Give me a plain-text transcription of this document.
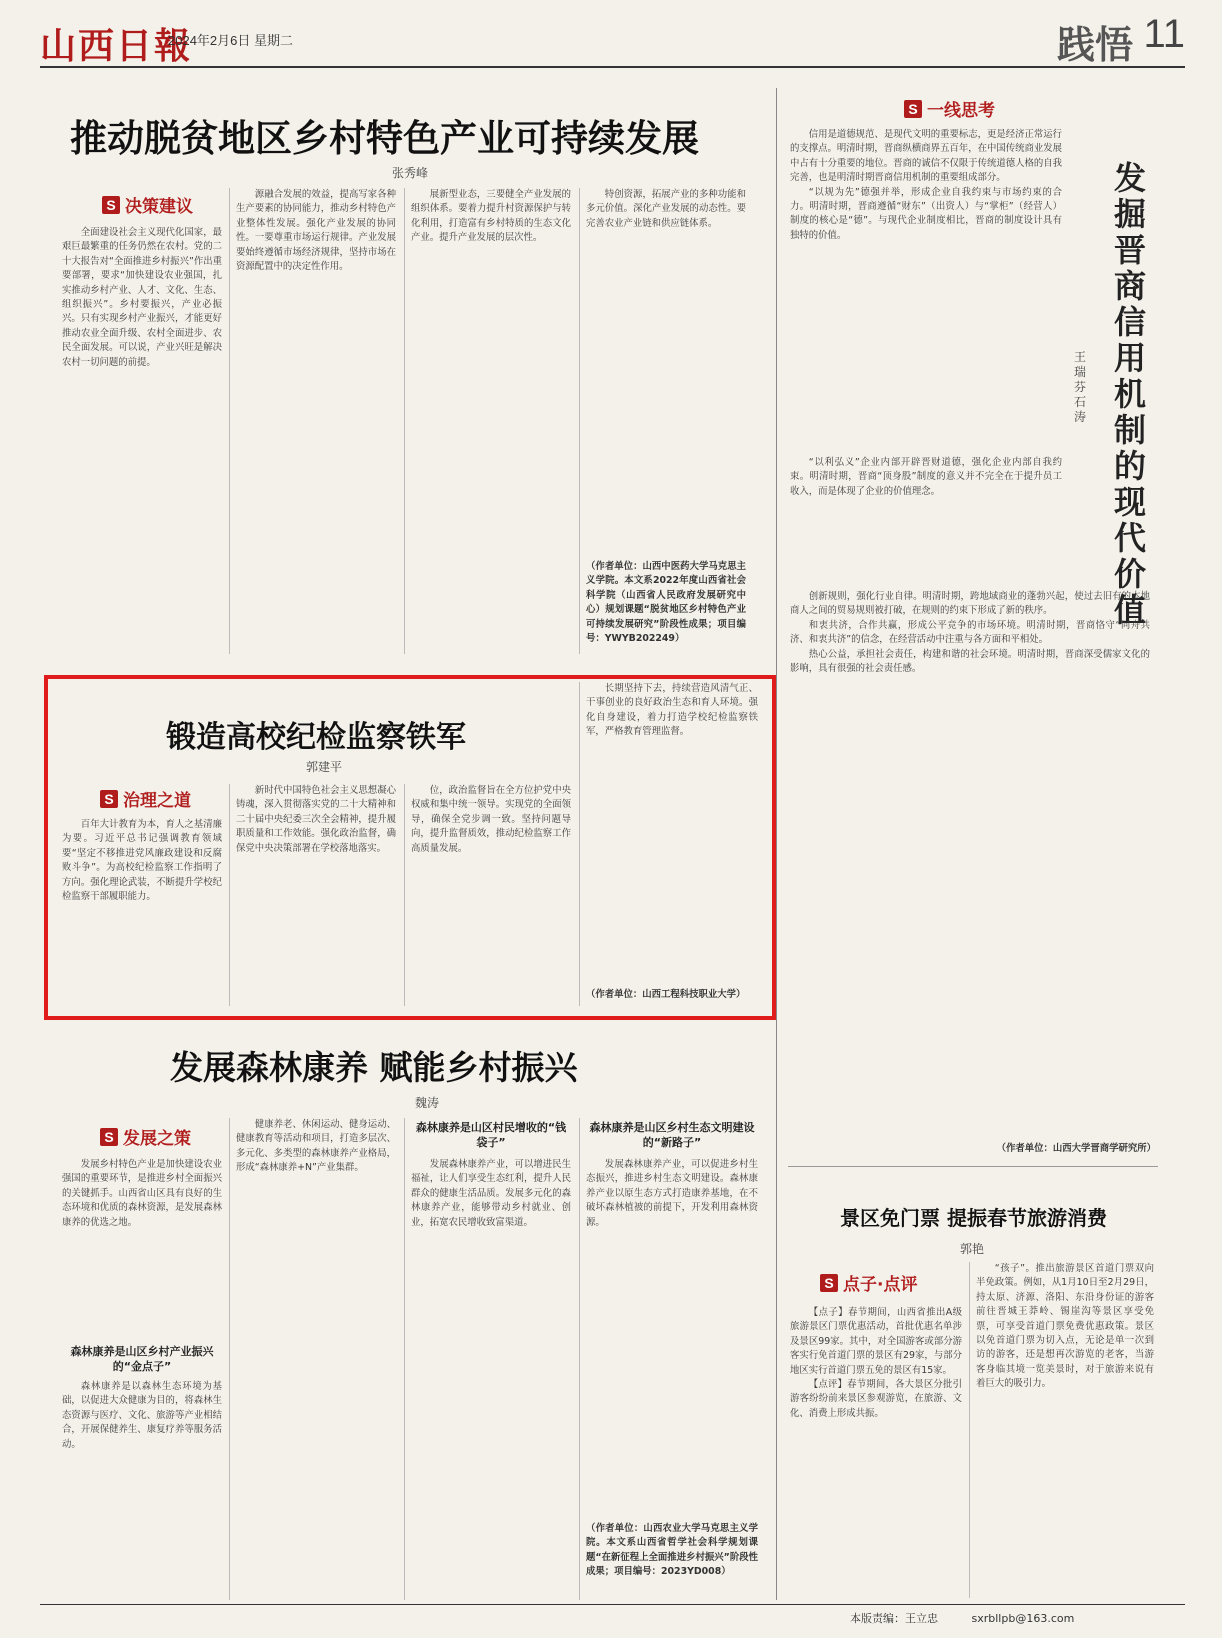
山西日報
2024年2月6日 星期二	践悟 11
推动脱贫地区乡村特色产业可持续发展
张秀峰
S 决策建议

全面建设社会主义现代化国家，最艰巨最繁重的任务仍然在农村。党的二十大报告对“全面推进乡村振兴”作出重要部署，要求“加快建设农业强国，扎实推动乡村产业、人才、文化、生态、组织振兴”。乡村要振兴，产业必振兴。只有实现乡村产业振兴，才能更好推动农业全面升级、农村全面进步、农民全面发展。可以说，产业兴旺是解决农村一切问题的前提。

源融合发展的效益，提高写家各种生产要素的协同能力，推动乡村特色产业整体性发展。强化产业发展的协同性。一要尊重市场运行规律。产业发展要始终遵循市场经济规律，坚持市场在资源配置中的决定性作用。

展新型业态，三要健全产业发展的组织体系。要着力提升村资源保护与转化利用，打造富有乡村特质的生态文化产业。提升产业发展的层次性。

特创资源，拓展产业的多种功能和多元价值。深化产业发展的动态性。要完善农业产业链和供应链体系。

（作者单位：山西中医药大学马克思主义学院。本文系2022年度山西省社会科学院（山西省人民政府发展研究中心）规划课题“脱贫地区乡村特色产业可持续发展研究”阶段性成果；项目编号：YWYB202249）

锻造高校纪检监察铁军
郭建平
S 治理之道

百年大计教育为本，育人之基清廉为要。习近平总书记强调教育领域要“坚定不移推进党风廉政建设和反腐败斗争”。为高校纪检监察工作指明了方向。强化理论武装，不断提升学校纪检监察干部履职能力。

新时代中国特色社会主义思想凝心铸魂，深入贯彻落实党的二十大精神和二十届中央纪委三次全会精神，提升履职质量和工作效能。强化政治监督，确保党中央决策部署在学校落地落实。

位，政治监督旨在全方位护党中央权威和集中统一领导。实现党的全面领导，确保全党步调一致。坚持问题导向，提升监督质效，推动纪检监察工作高质量发展。

长期坚持下去，持续营造风清气正、干事创业的良好政治生态和育人环境。强化自身建设，着力打造学校纪检监察铁军，严格教育管理监督。

（作者单位：山西工程科技职业大学）

发展森林康养 赋能乡村振兴
魏涛
S 发展之策

发展乡村特色产业是加快建设农业强国的重要环节，是推进乡村全面振兴的关键抓手。山西省山区具有良好的生态环境和优质的森林资源，是发展森林康养的优选之地。

森林康养是山区乡村产业振兴的“金点子”

森林康养是以森林生态环境为基础，以促进大众健康为目的，将森林生态资源与医疗、文化、旅游等产业相结合，开展保健养生、康复疗养等服务活动。

健康养老、休闲运动、健身运动、健康教育等活动和项目，打造多层次、多元化、多类型的森林康养产业格局，形成“森林康养+N”产业集群。

森林康养是山区村民增收的“钱袋子”

发展森林康养产业，可以增进民生福祉，让人们享受生态红利，提升人民群众的健康生活品质。发展多元化的森林康养产业，能够带动乡村就业、创业，拓宽农民增收致富渠道。

森林康养是山区乡村生态文明建设的“新路子”

发展森林康养产业，可以促进乡村生态振兴，推进乡村生态文明建设。森林康养产业以原生态方式打造康养基地，在不破坏森林植被的前提下，开发利用森林资源。

（作者单位：山西农业大学马克思主义学院。本文系山西省哲学社会科学规划课题“在新征程上全面推进乡村振兴”阶段性成果；项目编号：2023YD008）

S 一线思考
发掘晋商信用机制的现代价值
王瑞芬 石涛

信用是道德规范、是现代文明的重要标志，更是经济正常运行的支撑点。明清时期，晋商纵横商界五百年，在中国传统商业发展中占有十分重要的地位。晋商的诚信不仅限于传统道德人格的自我完善，也是明清时期晋商信用机制的重要组成部分。

“以规为先”德强并举，形成企业自我约束与市场约束的合力。明清时期，晋商遵循“财东”（出资人）与“掌柜”（经营人）制度的核心是“德”。与现代企业制度相比，晋商的制度设计具有独特的价值。

“以利弘义”企业内部开辟晋财道德，强化企业内部自我约束。明清时期，晋商“顶身股”制度的意义并不完全在于提升员工收入，而是体现了企业的价值理念。

创新规则，强化行业自律。明清时期，跨地域商业的蓬勃兴起，使过去旧有的本地商人之间的贸易规则被打破，在规则的约束下形成了新的秩序。

和衷共济，合作共赢，形成公平竞争的市场环境。明清时期，晋商恪守“同舟共济、和衷共济”的信念，在经营活动中注重与各方面和平相处。

热心公益，承担社会责任，构建和谐的社会环境。明清时期，晋商深受儒家文化的影响，具有很强的社会责任感。

（作者单位：山西大学晋商学研究所）

景区免门票 提振春节旅游消费
郭艳
S 点子·点评

【点子】春节期间，山西省推出A级旅游景区门票优惠活动，首批优惠名单涉及景区99家。其中，对全国游客或部分游客实行免首道门票的景区有29家，与部分地区实行首道门票五免的景区有15家。

【点评】春节期间，各大景区分批引游客纷纷前来景区参观游览，在旅游、文化、消费上形成共振。

“孩子”。推出旅游景区首道门票双向半免政策。例如，从1月10日至2月29日，持太原、济源、洛阳、东沿身份证的游客前往晋城王莽岭、锡崖沟等景区享受免票，可享受首道门票免费优惠政策。景区以免首道门票为切入点，无论是单一次到访的游客，还是想再次游览的老客，当游客身临其境一览美景时，对于旅游来说有着巨大的吸引力。

本版责编：王立忠	sxrbllpb@163.com
